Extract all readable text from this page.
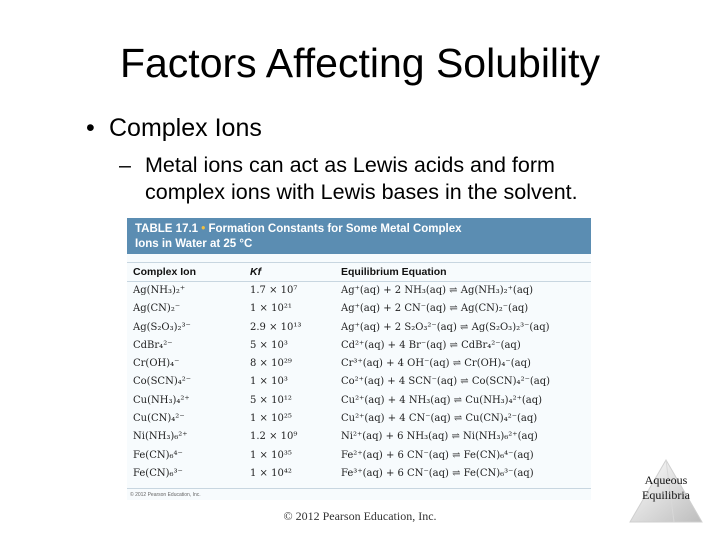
Factors Affecting Solubility
• Complex Ions
– Metal ions can act as Lewis acids and form
complex ions with Lewis bases in the solvent.
TABLE 17.1 • Formation Constants for Some Metal Complex
Ions in Water at 25 °C
Complex Ion	Kf	Equilibrium Equation
Ag(NH₃)₂⁺	1.7 × 10⁷	Ag⁺(aq) + 2 NH₃(aq) ⇌ Ag(NH₃)₂⁺(aq)
Ag(CN)₂⁻	1 × 10²¹	Ag⁺(aq) + 2 CN⁻(aq) ⇌ Ag(CN)₂⁻(aq)
Ag(S₂O₃)₂³⁻	2.9 × 10¹³	Ag⁺(aq) + 2 S₂O₃²⁻(aq) ⇌ Ag(S₂O₃)₂³⁻(aq)
CdBr₄²⁻	5 × 10³	Cd²⁺(aq) + 4 Br⁻(aq) ⇌ CdBr₄²⁻(aq)
Cr(OH)₄⁻	8 × 10²⁹	Cr³⁺(aq) + 4 OH⁻(aq) ⇌ Cr(OH)₄⁻(aq)
Co(SCN)₄²⁻	1 × 10³	Co²⁺(aq) + 4 SCN⁻(aq) ⇌ Co(SCN)₄²⁻(aq)
Cu(NH₃)₄²⁺	5 × 10¹²	Cu²⁺(aq) + 4 NH₃(aq) ⇌ Cu(NH₃)₄²⁺(aq)
Cu(CN)₄²⁻	1 × 10²⁵	Cu²⁺(aq) + 4 CN⁻(aq) ⇌ Cu(CN)₄²⁻(aq)
Ni(NH₃)₆²⁺	1.2 × 10⁹	Ni²⁺(aq) + 6 NH₃(aq) ⇌ Ni(NH₃)₆²⁺(aq)
Fe(CN)₆⁴⁻	1 × 10³⁵	Fe²⁺(aq) + 6 CN⁻(aq) ⇌ Fe(CN)₆⁴⁻(aq)
Fe(CN)₆³⁻	1 × 10⁴²	Fe³⁺(aq) + 6 CN⁻(aq) ⇌ Fe(CN)₆³⁻(aq)
© 2012 Pearson Education, Inc.
© 2012 Pearson Education, Inc.
Aqueous
Equilibria
